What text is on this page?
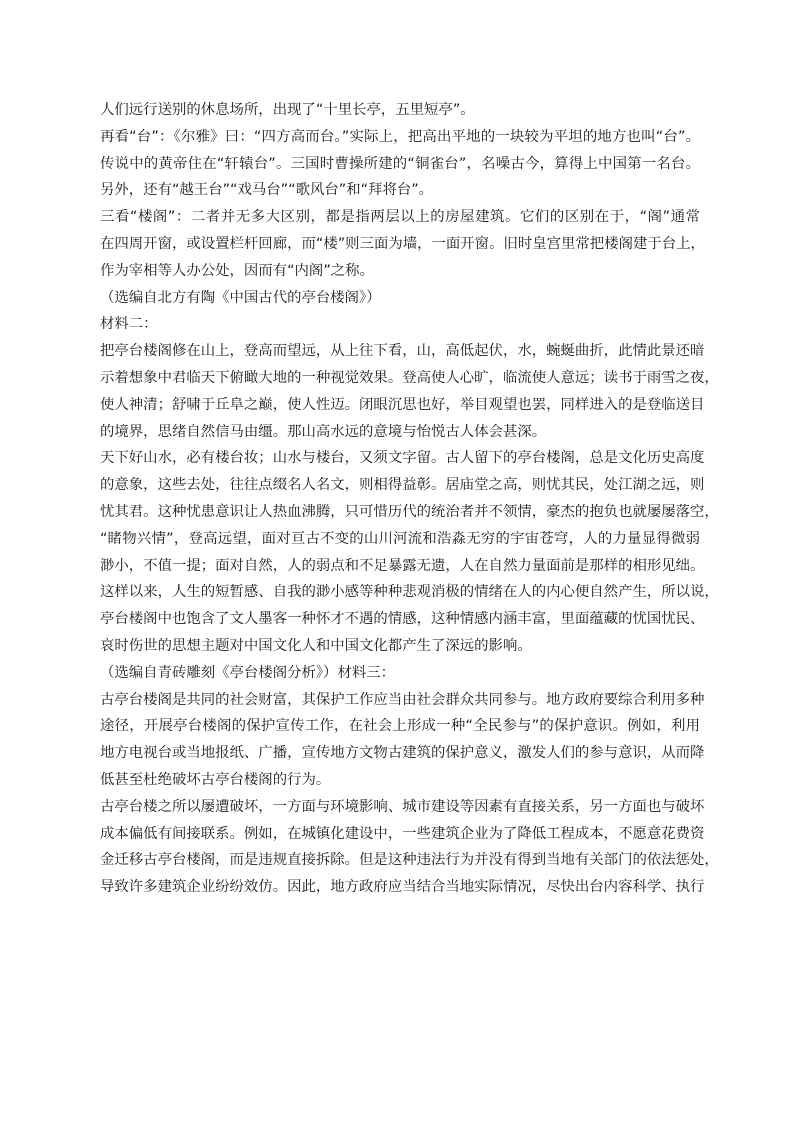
人们远行送别的休息场所，出现了“十里长亭，五里短亭”。
再看“台”：《尔雅》曰：“四方高而台。”实际上，把高出平地的一块较为平坦的地方也叫“台”。
传说中的黄帝住在“轩辕台”。三国时曹操所建的“铜雀台”，名噪古今，算得上中国第一名台。
另外，还有“越王台”“戏马台”“歌风台”和“拜将台”。
三看“楼阁”：二者并无多大区别，都是指两层以上的房屋建筑。它们的区别在于，“阁”通常
在四周开窗，或设置栏杆回廊，而“楼”则三面为墙，一面开窗。旧时皇宫里常把楼阁建于台上，
作为宰相等人办公处，因而有“内阁”之称。
（选编自北方有陶《中国古代的亭台楼阁》）
材料二：
把亭台楼阁修在山上，登高而望远，从上往下看，山，高低起伏，水，蜿蜒曲折，此情此景还暗
示着想象中君临天下俯瞰大地的一种视觉效果。登高使人心旷，临流使人意远；读书于雨雪之夜，
使人神清；舒啸于丘阜之巅，使人性迈。闭眼沉思也好，举目观望也罢，同样进入的是登临送目
的境界，思绪自然信马由缰。那山高水远的意境与怡悦古人体会甚深。
天下好山水，必有楼台妆；山水与楼台，又须文字留。古人留下的亭台楼阁，总是文化历史高度
的意象，这些去处，往往点缀名人名文，则相得益彰。居庙堂之高，则忧其民，处江湖之远，则
忧其君。这种忧患意识让人热血沸腾，只可惜历代的统治者并不领情，豪杰的抱负也就屡屡落空，
“睹物兴情”，登高远望，面对亘古不变的山川河流和浩淼无穷的宇宙苍穹，人的力量显得微弱
渺小，不值一提；面对自然，人的弱点和不足暴露无遗，人在自然力量面前是那样的相形见绌。
这样以来，人生的短暂感、自我的渺小感等种种悲观消极的情绪在人的内心便自然产生，所以说，
亭台楼阁中也饱含了文人墨客一种怀才不遇的情感，这种情感内涵丰富，里面蕴藏的忧国忧民、
哀时伤世的思想主题对中国文化人和中国文化都产生了深远的影响。
（选编自青砖雕刻《亭台楼阁分析》）材料三：
古亭台楼阁是共同的社会财富，其保护工作应当由社会群众共同参与。地方政府要综合利用多种
途径，开展亭台楼阁的保护宣传工作，在社会上形成一种“全民参与”的保护意识。例如，利用
地方电视台或当地报纸、广播，宣传地方文物古建筑的保护意义，激发人们的参与意识，从而降
低甚至杜绝破坏古亭台楼阁的行为。
古亭台楼之所以屡遭破坏，一方面与环境影响、城市建设等因素有直接关系，另一方面也与破坏
成本偏低有间接联系。例如，在城镇化建设中，一些建筑企业为了降低工程成本，不愿意花费资
金迁移古亭台楼阁，而是违规直接拆除。但是这种违法行为并没有得到当地有关部门的依法惩处，
导致许多建筑企业纷纷效仿。因此，地方政府应当结合当地实际情况，尽快出台内容科学、执行
